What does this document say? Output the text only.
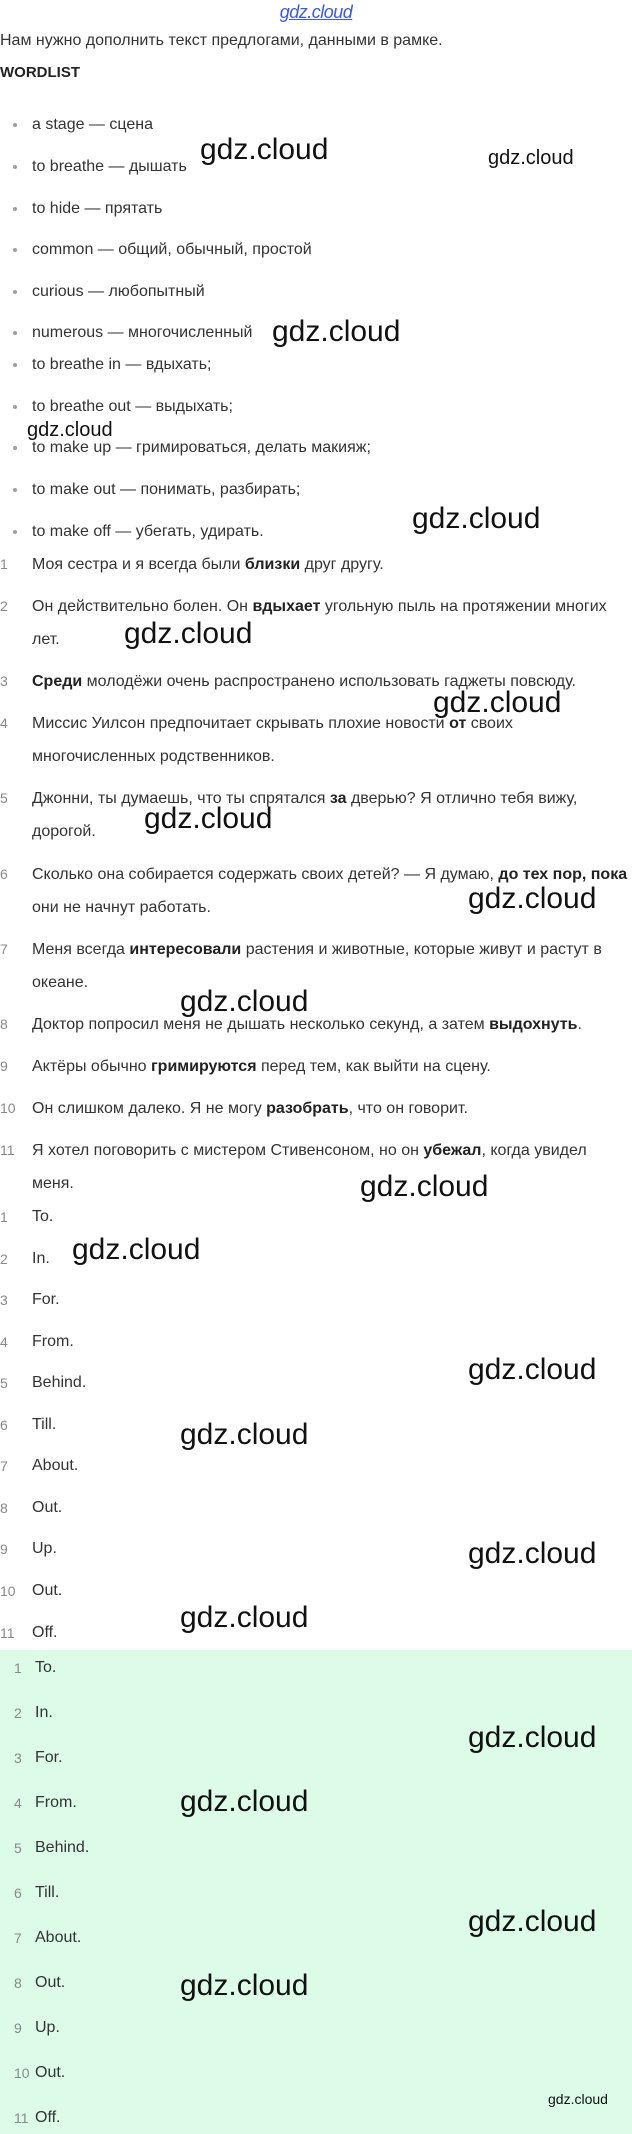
gdz.cloud
Нам нужно дополнить текст предлогами, данными в рамке.
WORDLIST
a stage — сцена
to breathe — дышать
to hide — прятать
common — общий, обычный, простой
curious — любопытный
numerous — многочисленный
to breathe in — вдыхать;
to breathe out — выдыхать;
to make up — гримироваться, делать макияж;
to make out — понимать, разбирать;
to make off — убегать, удирать.
1	Моя сестра и я всегда были близки друг другу.
2	Он действительно болен. Он вдыхает угольную пыль на протяжении многих лет.
3	Среди молодёжи очень распространено использовать гаджеты повсюду.
4	Миссис Уилсон предпочитает скрывать плохие новости от своих многочисленных родственников.
5	Джонни, ты думаешь, что ты спрятался за дверью? Я отлично тебя вижу, дорогой.
6	Сколько она собирается содержать своих детей? — Я думаю, до тех пор, пока они не начнут работать.
7	Меня всегда интересовали растения и животные, которые живут и растут в океане.
8	Доктор попросил меня не дышать несколько секунд, а затем выдохнуть.
9	Актёры обычно гримируются перед тем, как выйти на сцену.
10 Он слишком далеко. Я не могу разобрать, что он говорит.
11	Я хотел поговорить с мистером Стивенсоном, но он убежал, когда увидел меня.
1	To.
2	In.
3	For.
4	From.
5	Behind.
6	Till.
7	About.
8	Out.
9	Up.
10	Out.
11	Off.
1 To.
2 In.
3 For.
4 From.
5 Behind.
6 Till.
7 About.
8 Out.
9 Up.
10 Out.
11 Off.
gdz.cloud	gdz.cloud
gdz.cloud
gdz.cloud
gdz.cloud
gdz.cloud
gdz.cloud
gdz.cloud
gdz.cloud
gdz.cloud
gdz.cloud
gdz.cloud
gdz.cloud
gdz.cloud
gdz.cloud
gdz.cloud
gdz.cloud
gdz.cloud
gdz.cloud
gdz.cloud
gdz.cloud
